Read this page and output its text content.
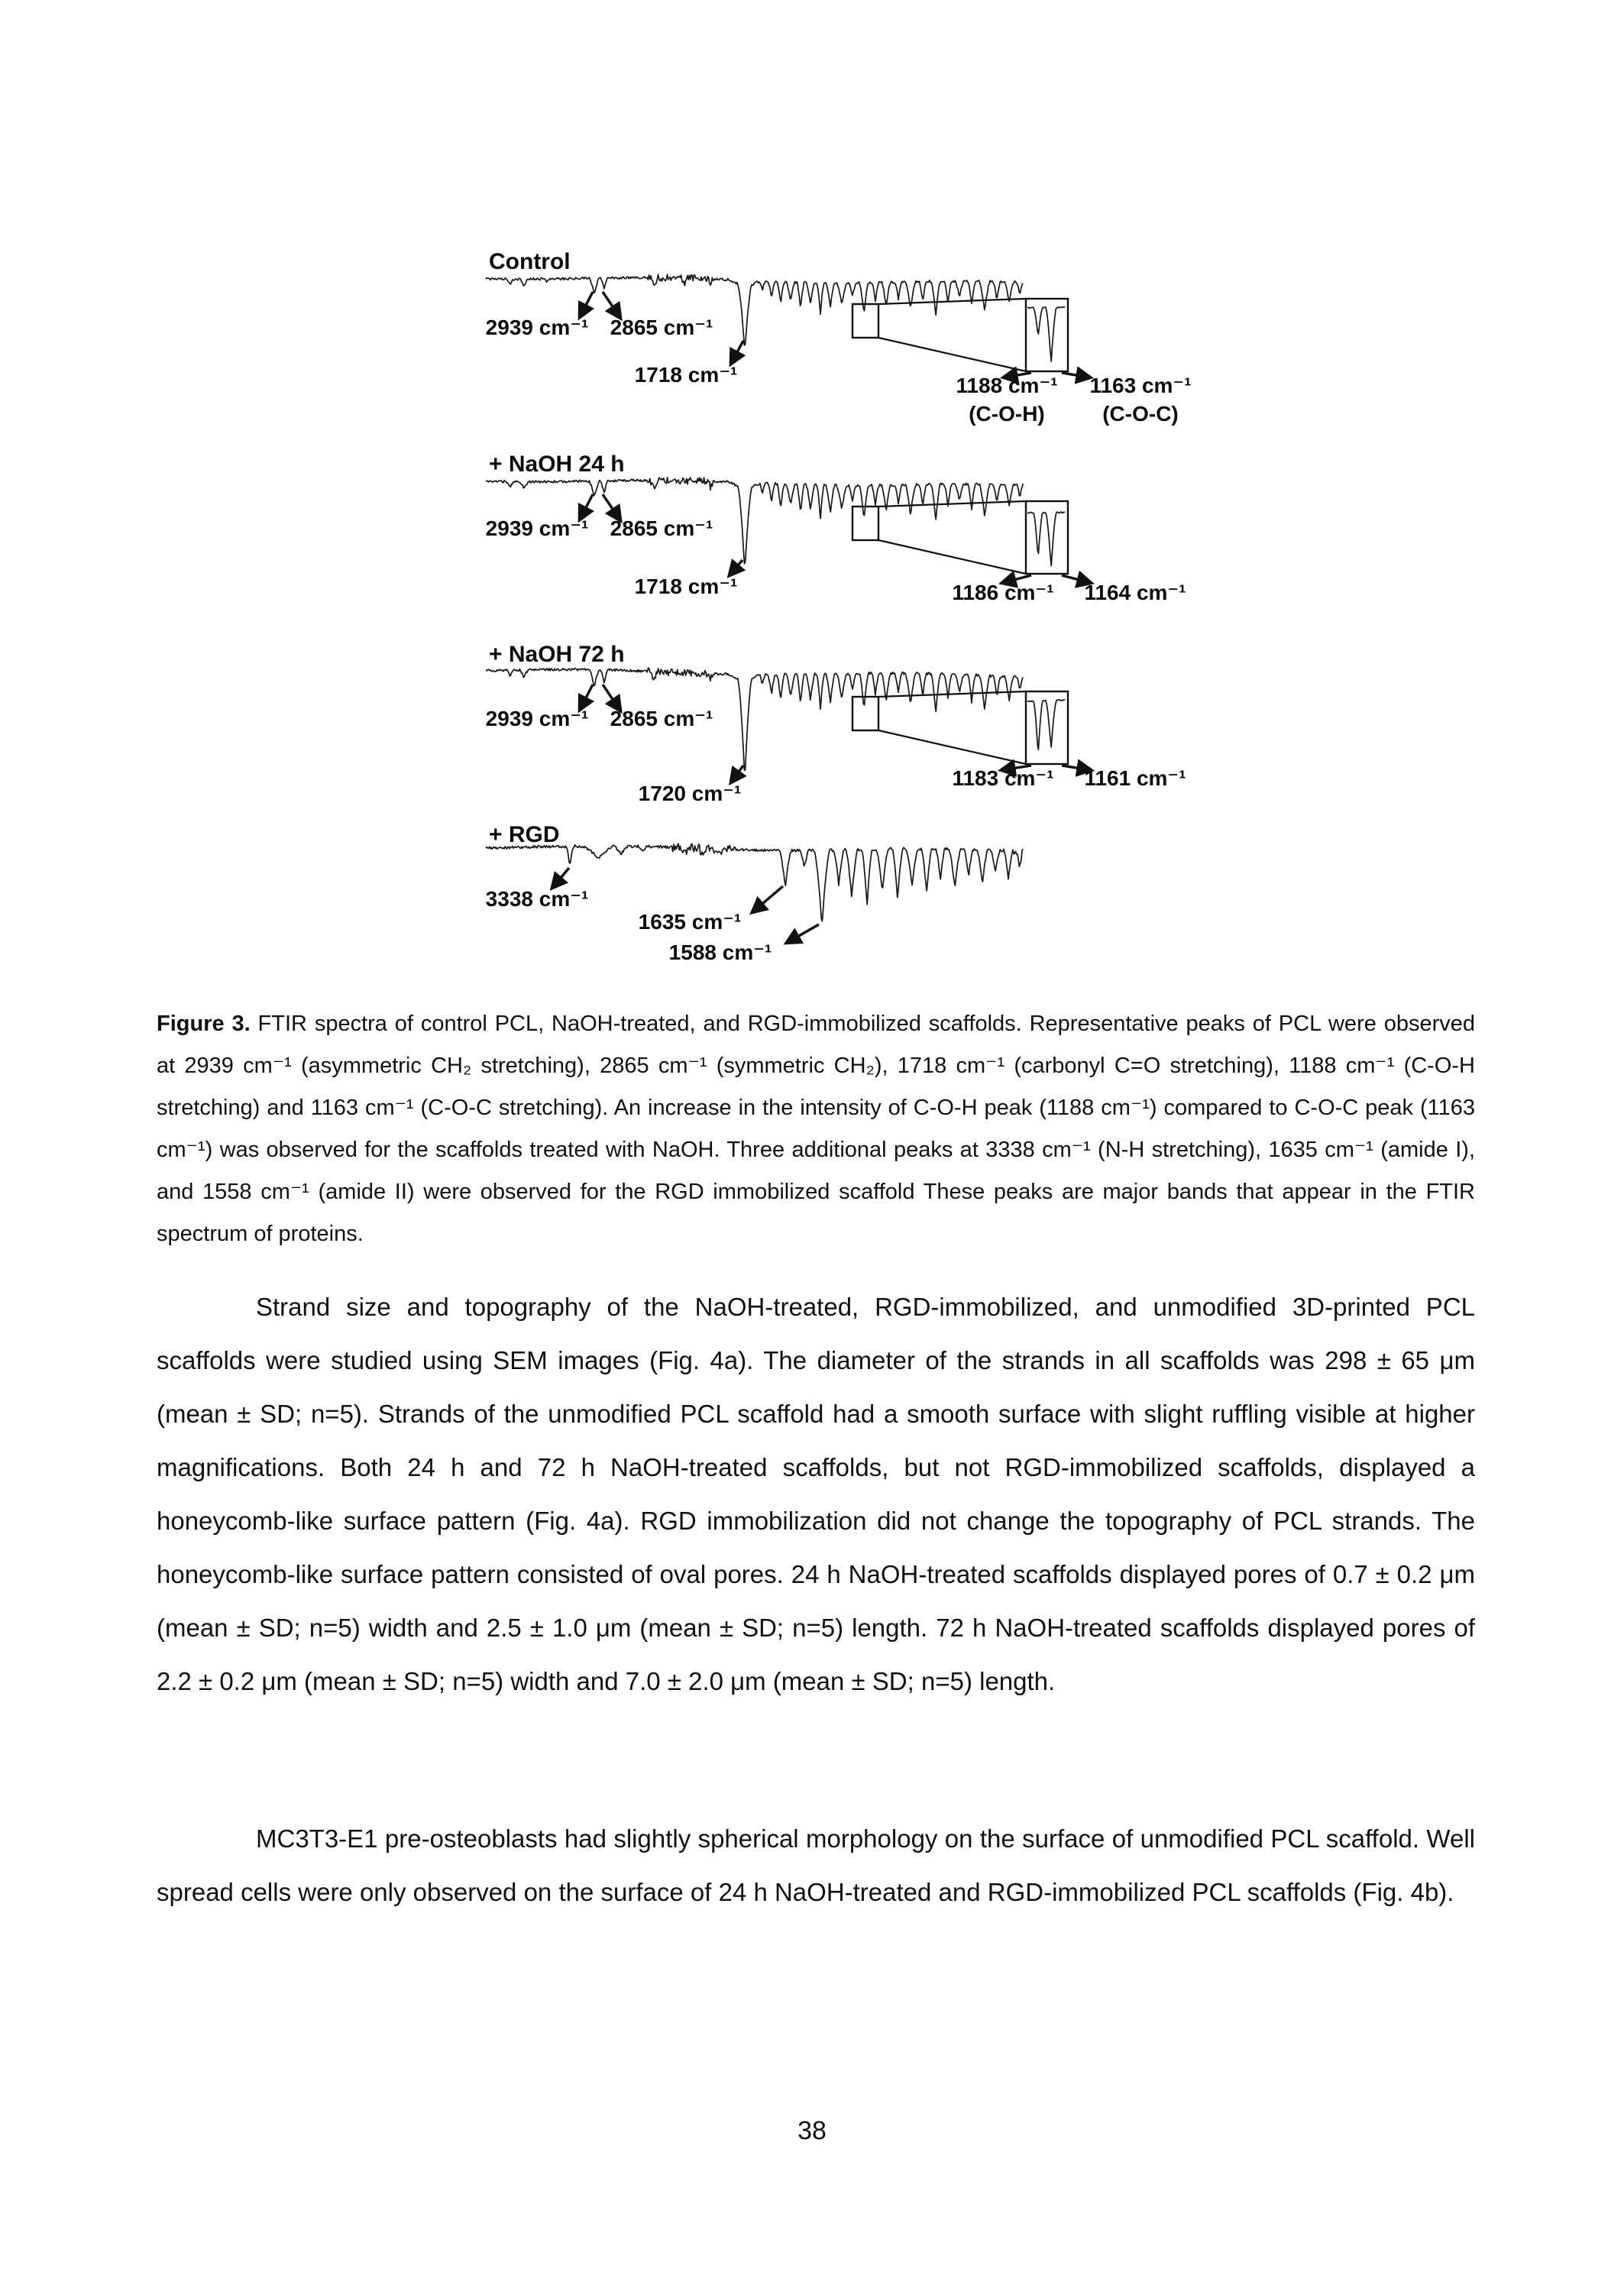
Control
2939 cm⁻¹ 2865 cm⁻¹
1718 cm⁻¹	1188 cm⁻¹
(C-O-H)
1163 cm⁻¹
(C-O-C)
+ NaOH 24 h
2939 cm⁻¹ 2865 cm⁻¹
1718 cm⁻¹	1186 cm⁻¹ 1164 cm⁻¹
+ NaOH 72 h
2939 cm⁻¹ 2865 cm⁻¹
1720 cm⁻¹
1183 cm⁻¹ 1161 cm⁻¹
+ RGD
3338 cm⁻¹
1635 cm⁻¹
1588 cm⁻¹

Figure 3. FTIR spectra of control PCL, NaOH-treated, and RGD-immobilized scaffolds. Representative peaks of PCL were observed at 2939 cm⁻¹ (asymmetric CH₂ stretching), 2865 cm⁻¹ (symmetric CH₂), 1718 cm⁻¹ (carbonyl C=O stretching), 1188 cm⁻¹ (C-O-H stretching) and 1163 cm⁻¹ (C-O-C stretching). An increase in the intensity of C-O-H peak (1188 cm⁻¹) compared to C-O-C peak (1163 cm⁻¹) was observed for the scaffolds treated with NaOH. Three additional peaks at 3338 cm⁻¹ (N-H stretching), 1635 cm⁻¹ (amide I), and 1558 cm⁻¹ (amide II) were observed for the RGD immobilized scaffold These peaks are major bands that appear in the FTIR spectrum of proteins.

Strand size and topography of the NaOH-treated, RGD-immobilized, and unmodified 3D-printed PCL scaffolds were studied using SEM images (Fig. 4a). The diameter of the strands in all scaffolds was 298 ± 65 μm (mean ± SD; n=5). Strands of the unmodified PCL scaffold had a smooth surface with slight ruffling visible at higher magnifications. Both 24 h and 72 h NaOH-treated scaffolds, but not RGD-immobilized scaffolds, displayed a honeycomb-like surface pattern (Fig. 4a). RGD immobilization did not change the topography of PCL strands. The honeycomb-like surface pattern consisted of oval pores. 24 h NaOH-treated scaffolds displayed pores of 0.7 ± 0.2 μm (mean ± SD; n=5) width and 2.5 ± 1.0 μm (mean ± SD; n=5) length. 72 h NaOH-treated scaffolds displayed pores of 2.2 ± 0.2 μm (mean ± SD; n=5) width and 7.0 ± 2.0 μm (mean ± SD; n=5) length.

MC3T3-E1 pre-osteoblasts had slightly spherical morphology on the surface of unmodified PCL scaffold. Well spread cells were only observed on the surface of 24 h NaOH-treated and RGD-immobilized PCL scaffolds (Fig. 4b).

38
